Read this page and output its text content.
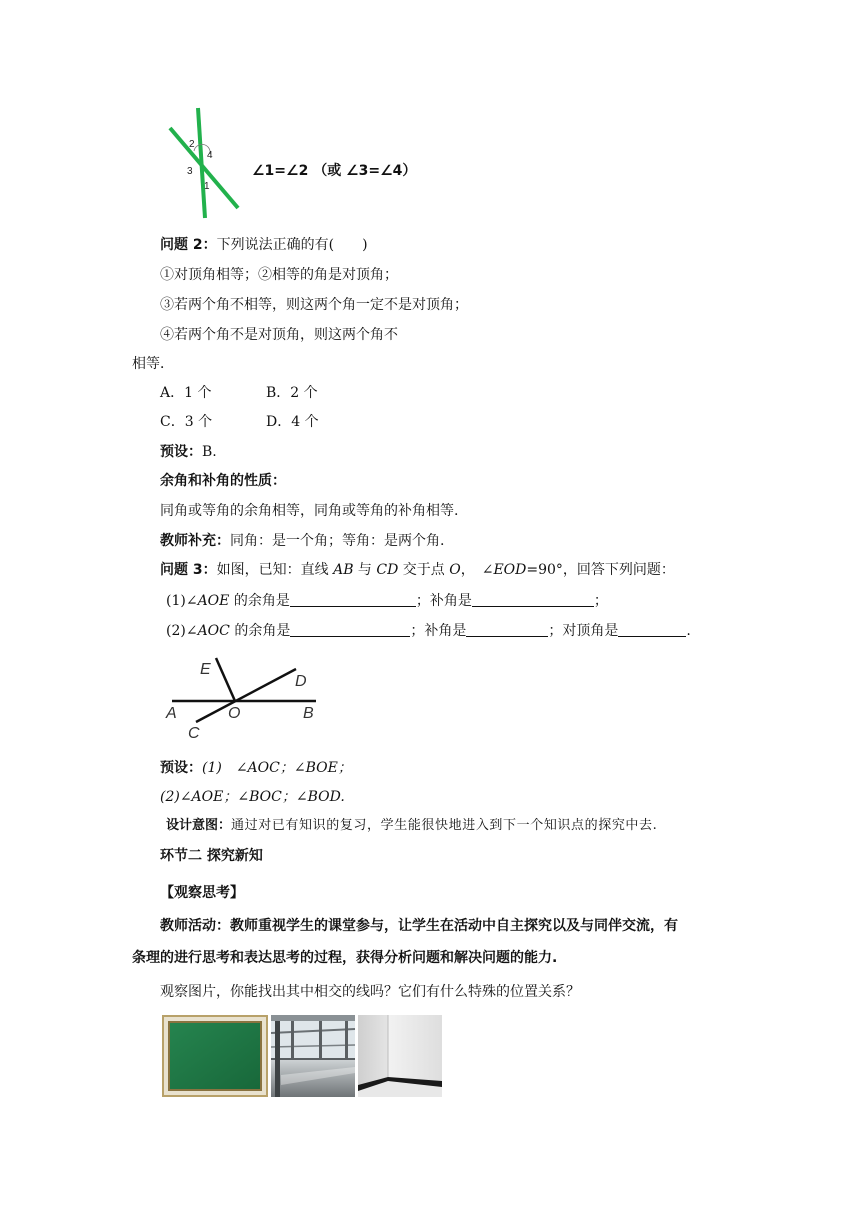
2
4
3
1
∠1=∠2 （或 ∠3=∠4）
问题 2：下列说法正确的有(　　)
①对顶角相等；②相等的角是对顶角；
③若两个角不相等，则这两个角一定不是对顶角；
④若两个角不是对顶角，则这两个角不
相等．
A．1 个	B．2 个
C．3 个	D．4 个
预设：B.
余角和补角的性质：
同角或等角的余角相等，同角或等角的补角相等.
教师补充：同角：是一个角；等角：是两个角.
问题 3：如图，已知：直线 AB 与 CD 交于点 O，　∠EOD=90°，回答下列问题：
(1)∠AOE 的余角是	；补角是	；
(2)∠AOC 的余角是	；补角是	；对顶角是	.
E
D
A	O	B
C
预设：(1)　∠AOC；∠BOE；
(2)∠AOE；∠BOC；∠BOD.
设计意图：通过对已有知识的复习，学生能很快地进入到下一个知识点的探究中去.
环节二 探究新知
【观察思考】
教师活动：教师重视学生的课堂参与，让学生在活动中自主探究以及与同伴交流，有
条理的进行思考和表达思考的过程，获得分析问题和解决问题的能力.
观察图片，你能找出其中相交的线吗？它们有什么特殊的位置关系？
